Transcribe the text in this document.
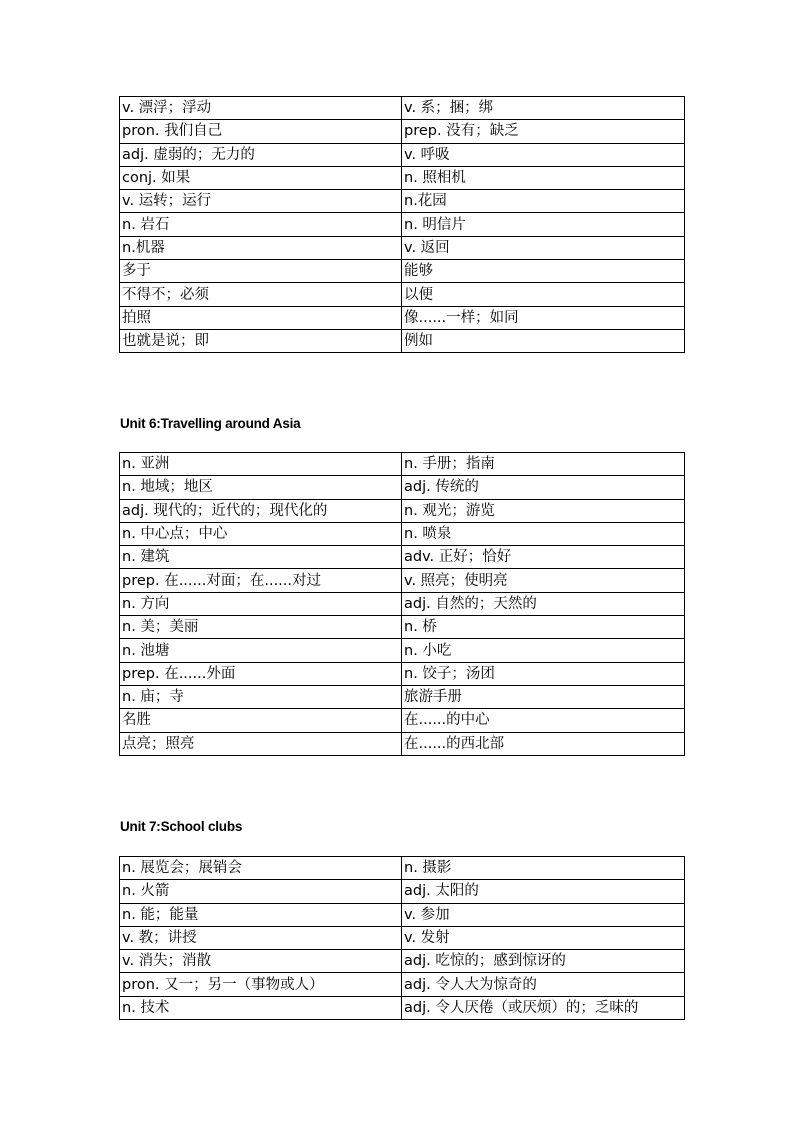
v. 漂浮；浮动	v. 系；捆；绑
pron. 我们自己	prep. 没有；缺乏
adj. 虚弱的；无力的	v. 呼吸
conj. 如果	n. 照相机
v. 运转；运行	n.花园
n. 岩石	n. 明信片
n.机器	v. 返回
多于	能够
不得不；必须	以便
拍照	像......一样；如同
也就是说；即	例如
Unit 6:Travelling around Asia
n. 亚洲	n. 手册；指南
n. 地域；地区	adj. 传统的
adj. 现代的；近代的；现代化的	n. 观光；游览
n. 中心点；中心	n. 喷泉
n. 建筑	adv. 正好；恰好
prep. 在......对面；在......对过	v. 照亮；使明亮
n. 方向	adj. 自然的；天然的
n. 美；美丽	n. 桥
n. 池塘	n. 小吃
prep. 在......外面	n. 饺子；汤团
n. 庙；寺	旅游手册
名胜	在......的中心
点亮；照亮	在......的西北部
Unit 7:School clubs
n. 展览会；展销会	n. 摄影
n. 火箭	adj. 太阳的
n. 能；能量	v. 参加
v. 教；讲授	v. 发射
v. 消失；消散	adj. 吃惊的；感到惊讶的
pron. 又一；另一（事物或人）	adj. 令人大为惊奇的
n. 技术	adj. 令人厌倦（或厌烦）的；乏味的
